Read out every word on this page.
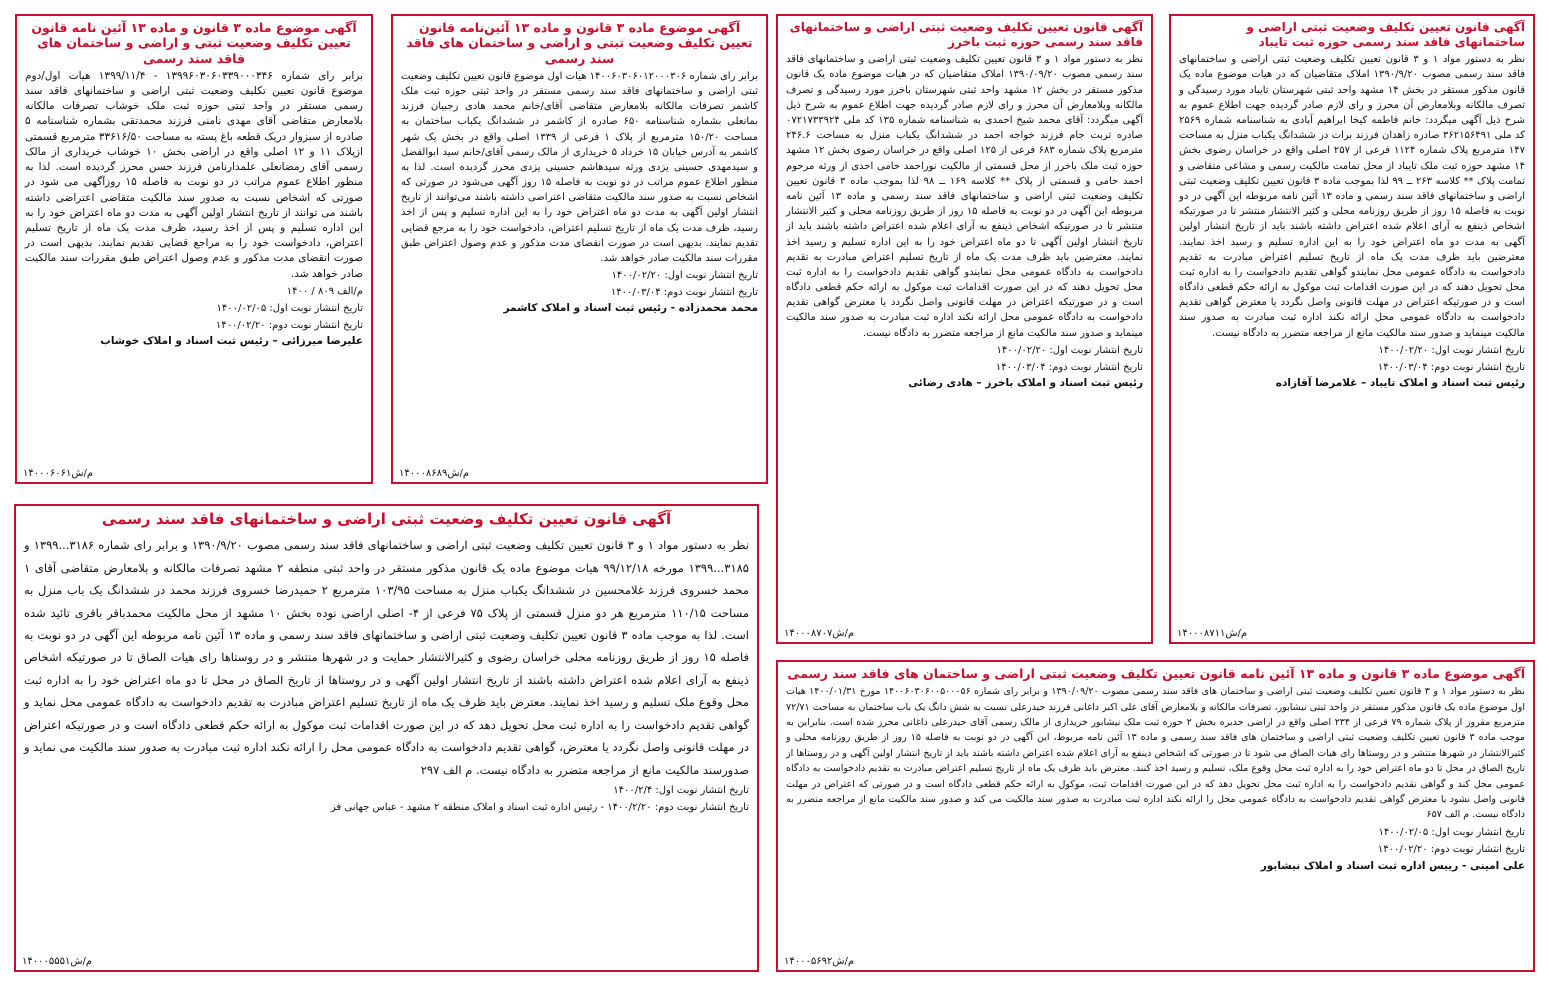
آگهی قانون تعیین تکلیف وضعیت ثبتی اراضی و ساختمانهای فاقد سند رسمی حوزه ثبت تایباد

نظر به دستور مواد ۱ و ۳ قانون تعیین تکلیف وضعیت ثبتی اراضی و ساختمانهای فاقد سند رسمی مصوب ۱۳۹۰/۹/۲۰ املاک متقاضیان که در هیات موضوع ماده یک قانون مذکور مستقر در بخش ۱۴ مشهد واحد ثبتی شهرستان تایباد مورد رسیدگی و تصرف مالکانه وبلامعارض آن محرز و رای لازم صادر گردیده جهت اطلاع عموم به شرح ذیل آگهی میگردد: خانم فاطمه کیخا ابراهیم آبادی به شناسنامه شماره ۲۵۶۹ کد ملی ۳۶۲۱۵۶۴۹۱ صادره زاهدان فرزند برات در ششدانگ یکباب منزل به مساحت ۱۴۷ مترمربع پلاک شماره ۱۱۲۴ فرعی از ۲۵۷ اصلی واقع در خراسان رضوی بخش ۱۴ مشهد حوزه ثبت ملک تایباد از محل تمامت مالکیت رسمی و مشاعی متقاضی و تمامت پلاک ** کلاسه ۲۶۳ ــ ۹۹ لذا بموجب ماده ۳ قانون تعیین تکلیف وضعیت ثبتی اراضی و ساختمانهای فاقد سند رسمی و ماده ۱۳ آئین نامه مربوطه این آگهی در دو نوبت به فاصله ۱۵ روز از طریق روزنامه محلی و کثیر الانتشار منتشر تا در صورتیکه اشخاص ذینفع به آرای اعلام شده اعتراض داشته باشند باید از تاریخ انتشار اولین آگهی به مدت دو ماه اعتراض خود را به این اداره تسلیم و رسید اخذ نمایند. معترضین باید ظرف مدت یک ماه از تاریخ تسلیم اعتراض مبادرت به تقدیم دادخواست به دادگاه عمومی محل نمایندو گواهی تقدیم دادخواست را به اداره ثبت محل تحویل دهند که در این صورت اقدامات ثبت موکول به ارائه حکم قطعی دادگاه است و در صورتیکه اعتراض در مهلت قانونی واصل نگردد یا معترض گواهی تقدیم دادخواست به دادگاه عمومی محل ارائه نکند اداره ثبت مبادرت به صدور سند مالکیت مینماید و صدور سند مالکیت مانع از مراجعه متضرر به دادگاه نیست.

تاریخ انتشار نوبت اول: ۱۴۰۰/۰۲/۲۰
تاریخ انتشار نوبت دوم: ۱۴۰۰/۰۳/۰۴
رئیس ثبت اسناد و املاک تایباد – غلامرضا آقازاده
م/ش۱۴۰۰۰۸۷۱۱
آگهی قانون تعیین تکلیف وضعیت ثبتی اراضی و ساختمانهای فاقد سند رسمی حوزه ثبت باخرز

نظر به دستور مواد ۱ و ۳ قانون تعیین تکلیف وضعیت ثبتی اراضی و ساختمانهای فاقد سند رسمی مصوب ۱۳۹۰/۰۹/۲۰ املاک متقاضیان که در هیات موضوع ماده یک قانون مذکور مستقر در بخش ۱۲ مشهد واحد ثبتی شهرستان باخرز مورد رسیدگی و تصرف مالکانه وبلامعارض آن محرز و رای لازم صادر گردیده جهت اطلاع عموم به شرح ذیل آگهی میگردد: آقای محمد شیخ احمدی به شناسنامه شماره ۱۳۵ کد ملی ۰۷۲۱۷۳۳۹۲۴ صادره تربت جام فرزند خواجه احمد در ششدانگ یکباب منزل به مساحت ۲۴۶.۶ مترمربع پلاک شماره ۶۸۳ فرعی از ۱۲۵ اصلی واقع در خراسان رضوی بخش ۱۲ مشهد حوزه ثبت ملک باخرز از محل قسمتی از مالکیت نوراحمد حامی احدی از ورثه مرحوم احمد حامی و قسمتی از پلاک ** کلاسه ۱۶۹ ــ ۹۸ لذا بموجب ماده ۳ قانون تعیین تکلیف وضعیت ثبتی اراضی و ساختمانهای فاقد سند رسمی و ماده ۱۳ آئین نامه مربوطه این آگهی در دو نوبت به فاصله ۱۵ روز از طریق روزنامه محلی و کثیر الانتشار منتشر تا در صورتیکه اشخاص ذینفع به آرای اعلام شده اعتراض داشته باشند باید از تاریخ انتشار اولین آگهی تا دو ماه اعتراض خود را به این اداره تسلیم و رسید اخذ نمایند. معترضین باید ظرف مدت یک ماه از تاریخ تسلیم اعتراض مبادرت به تقدیم دادخواست به دادگاه عمومی محل نمایندو گواهی تقدیم دادخواست را به اداره ثبت محل تحویل دهند که در این صورت اقدامات ثبت موکول به ارائه حکم قطعی دادگاه است و در صورتیکه اعتراض در مهلت قانونی واصل نگردد یا معترض گواهی تقدیم دادخواست به دادگاه عمومی محل ارائه نکند اداره ثبت مبادرت به صدور سند مالکیت مینماید و صدور سند مالکیت مانع از مراجعه متضرر به دادگاه نیست.

تاریخ انتشار نوبت اول: ۱۴۰۰/۰۲/۲۰
تاریخ انتشار نوبت دوم: ۱۴۰۰/۰۳/۰۴
رئیس ثبت اسناد و املاک باخرز – هادی رضائی
م/ش۱۴۰۰۰۸۷۰۷
آگهی موضوع ماده ۳ قانون و ماده ۱۳ آئین‌نامه قانون تعیین تکلیف وضعیت ثبتی و اراضی و ساختمان های فاقد سند رسمی

برابر رای شماره ۱۴۰۰۶۰۳۰۶۰۱۲۰۰۰۳۰۶ هیات اول موضوع قانون تعیین تکلیف وضعیت ثبتی اراضی و ساختمانهای فاقد سند رسمی مستقر در واحد ثبتی حوزه ثبت ملک کاشمر تصرفات مالکانه بلامعارض متقاضی آقای/خانم محمد هادی رجبیان فرزند بمانعلی بشماره شناسنامه ۶۵۰ صادره از کاشمر در ششدانگ یکباب ساختمان به مساحت ۱۵۰/۲۰ مترمربع از پلاک ۱ فرعی از ۱۳۳۹ اصلی واقع در بخش یک شهر کاشمر به آدرس خیابان ۱۵ خرداد ۵ خریداری از مالک رسمی آقای/خانم سید ابوالفضل و سیدمهدی حسینی یزدی ورثه سیدهاشم حسینی یزدی محرز گردیده است. لذا به منظور اطلاع عموم مراتب در دو نوبت به فاصله ۱۵ روز آگهی می‌شود در صورتی که اشخاص نسبت به صدور سند مالکیت متقاضی اعتراضی داشته باشند می‌توانند از تاریخ انتشار اولین آگهی به مدت دو ماه اعتراض خود را به این اداره تسلیم و پس از اخذ رسید، ظرف مدت یک ماه از تاریخ تسلیم اعتراض، دادخواست خود را به مرجع قضایی تقدیم نمایند. بدیهی است در صورت انقضای مدت مذکور و عدم وصول اعتراض طبق مقررات سند مالکیت صادر خواهد شد.

تاریخ انتشار نوبت اول: ۱۴۰۰/۰۲/۲۰
تاریخ انتشار نوبت دوم: ۱۴۰۰/۰۳/۰۴
محمد محمدزاده - رئیس ثبت اسناد و املاک کاشمر
م/ش۱۴۰۰۰۸۶۸۹
آگهی موضوع ماده ۳ قانون و ماده ۱۳ آئین نامه قانون تعیین تکلیف وضعیت ثبتی و اراضی و ساختمان های فاقد سند رسمی

برابر رای شماره ۱۳۹۹۶۰۳۰۶۰۳۳۹۰۰۰۳۴۶ - ۱۳۹۹/۱۱/۴ هیات اول/دوم موضوع قانون تعیین تکلیف وضعیت ثبتی اراضی و ساختمانهای فاقد سند رسمی مستقر در واحد ثبتی حوزه ثبت ملک خوشاب تصرفات مالکانه بلامعارض متقاضی آقای مهدی نامنی فرزند محمدتقی بشماره شناسنامه ۵ صادره از سبزوار دریک قطعه باغ پسته به مساحت ۳۳۶۱۶/۵۰ مترمربع قسمتی ازپلاک ۱۱ و ۱۲ اصلی واقع در اراضی بخش ۱۰ خوشاب خریداری از مالک رسمی آقای رمضانعلی علمدارنامن فرزند حسن محرز گردیده است. لذا به منظور اطلاع عموم مراتب در دو نوبت به فاصله ۱۵ روزآگهی می شود در صورتی که اشخاص نسبت به صدور سند مالکیت متقاضی اعتراضی داشته باشند می توانند از تاریخ انتشار اولین آگهی به مدت دو ماه اعتراض خود را به این اداره تسلیم و پس از اخذ رسید، ظرف مدت یک ماه از تاریخ تسلیم اعتراض، دادخواست خود را به مراجع قضایی تقدیم نمایند. بدیهی است در صورت انقضای مدت مذکور و عدم وصول اعتراض طبق مقررات سند مالکیت صادر خواهد شد.

م/الف ۸۰۹ / ۱۴۰۰
تاریخ انتشار نوبت اول: ۱۴۰۰/۰۲/۰۵
تاریخ انتشار نوبت دوم: ۱۴۰۰/۰۲/۲۰
علیرضا میرزائی – رئیس ثبت اسناد و املاک خوشاب
م/ش۱۴۰۰۰۶۰۶۱
آگهی قانون تعیین تکلیف وضعیت ثبتی اراضی و ساختمانهای فاقد سند رسمی

نظر به دستور مواد ۱ و ۳ قانون تعیین تکلیف وضعیت ثبتی اراضی و ساختمانهای فاقد سند رسمی مصوب ۱۳۹۰/۹/۲۰ و برابر رای شماره ۳۱۸۶...۱۳۹۹ و ۳۱۸۵...۱۳۹۹ مورخه ۹۹/۱۲/۱۸ هیات موضوع ماده یک قانون مذکور مستقر در واحد ثبتی منطقه ۲ مشهد تصرفات مالکانه و بلامعارض متقاضی آقای ۱ محمد خسروی فرزند غلامحسین در ششدانگ یکباب منزل به مساحت ۱۰۳/۹۵ مترمربع ۲ حمیدرضا خسروی فرزند محمد در ششدانگ یک باب منزل به مساحت ۱۱۰/۱۵ مترمربع هر دو منزل قسمتی از پلاک ۷۵ فرعی از ۴- اصلی اراضی نوده بخش ۱۰ مشهد از محل مالکیت محمدباقر باقری تائید شده است. لذا به موجب ماده ۳ قانون تعیین تکلیف وضعیت ثبتی اراضی و ساختمانهای فاقد سند رسمی و ماده ۱۳ آئین نامه مربوطه این آگهی در دو نوبت به فاصله ۱۵ روز از طریق روزنامه محلی خراسان رضوی و کثیرالانتشار حمایت و در شهرها منتشر و در روستاها رای هیات الصاق تا در صورتیکه اشخاص ذینفع به آرای اعلام شده اعتراض داشته باشند از تاریخ انتشار اولین آگهی و در روستاها از تاریخ الصاق در محل تا دو ماه اعتراض خود را به اداره ثبت محل وقوع ملک تسلیم و رسید اخذ نمایند. معترض باید ظرف یک ماه از تاریخ تسلیم اعتراض مبادرت به تقدیم دادخواست به دادگاه عمومی محل نماید و گواهی تقدیم دادخواست را به اداره ثبت محل تحویل دهد که در این صورت اقدامات ثبت موکول به ارائه حکم قطعی دادگاه است و در صورتیکه اعتراض در مهلت قانونی واصل نگردد یا معترض، گواهی تقدیم دادخواست به دادگاه عمومی محل را ارائه نکند اداره ثبت مبادرت به صدور سند مالکیت می نماید و صدورسند مالکیت مانع از مراجعه متضرر به دادگاه نیست. م الف ۲۹۷

تاریخ انتشار نوبت اول: ۱۴۰۰/۲/۴
تاریخ انتشار نوبت دوم: ۱۴۰۰/۲/۲۰ - رئیس اداره ثبت اسناد و املاک منطقه ۲ مشهد - عباس جهانی فر
م/ش۱۴۰۰۰۵۵۵۱
آگهی موضوع ماده ۳ قانون و ماده ۱۳ آئین نامه قانون تعیین تکلیف وضعیت ثبتی اراضی و ساختمان های فاقد سند رسمی

نظر به دستور مواد ۱ و ۳ قانون تعیین تکلیف وضعیت ثبتی اراضی و ساختمان های فاقد سند رسمی مصوب ۱۳۹۰/۰۹/۲۰ و برابر رای شماره ۱۴۰۰۶۰۳۰۶۰۰۵۰۰۰۵۶ مورخ ۱۴۰۰/۰۱/۳۱ هیات اول موضوع ماده یک قانون مذکور مستقر در واحد ثبتی نیشابور، تصرفات مالکانه و بلامعارض آقای علی اکبر داغانی فرزند حیدرعلی نسبت به شش دانگ یک باب ساختمان به مساحت ۷۲/۷۱ مترمربع مفروز از پلاک شماره ۷۹ فرعی از ۲۳۴ اصلی واقع در اراضی حدیره بخش ۲ حوزه ثبت ملک نیشابور خریداری از مالک رسمی آقای حیدرعلی داغانی محرز شده است. بنابراین به موجب ماده ۳ قانون تعیین تکلیف وضعیت ثبتی اراضی و ساختمان های فاقد سند رسمی و ماده ۱۳ آئین نامه مربوط، این آگهی در دو نوبت به فاصله ۱۵ روز از طریق روزنامه محلی و کثیرالانتشار در شهرها منتشر و در روستاها رای هیات الصاق می شود تا در صورتی که اشخاص ذینفع به آرای اعلام شده اعتراض داشته باشند باید از تاریخ انتشار اولین آگهی و در روستاها از تاریخ الصاق در محل تا دو ماه اعتراض خود را به اداره ثبت محل وقوع ملک، تسلیم و رسید اخذ کنند. معترض باید ظرف یک ماه از تاریخ تسلیم اعتراض مبادرت به تقدیم دادخواست به دادگاه عمومی محل کند و گواهی تقدیم دادخواست را به اداره ثبت محل تحویل دهد که در این صورت اقدامات ثبت، موکول به ارائه حکم قطعی دادگاه است و در صورتی که اعتراض در مهلت قانونی واصل نشود یا معترض گواهی تقدیم دادخواست به دادگاه عمومی محل را ارائه نکند اداره ثبت مبادرت به صدور سند مالکیت می کند و صدور سند مالکیت مانع از مراجعه متضرر به دادگاه نیست. م الف ۶۵۷

تاریخ انتشار نوبت اول: ۱۴۰۰/۰۲/۰۵
تاریخ انتشار نوبت دوم: ۱۴۰۰/۰۲/۲۰
علی امینی - رییس اداره ثبت اسناد و املاک نیشابور
م/ش۱۴۰۰۰۵۶۹۲
